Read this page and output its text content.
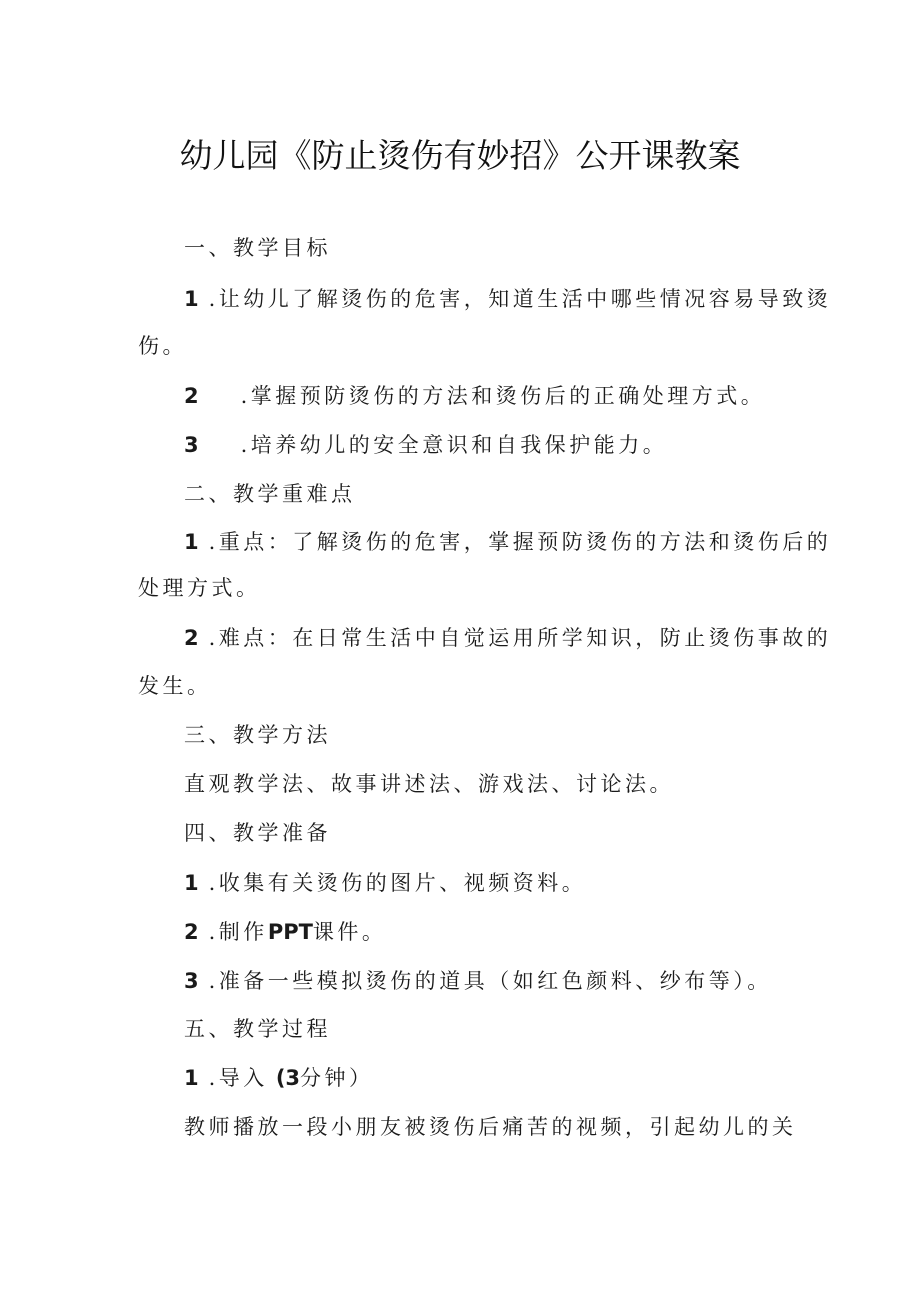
幼儿园《防止烫伤有妙招》公开课教案
一、教学目标
1 .让幼儿了解烫伤的危害，知道生活中哪些情况容易导致烫
伤。
2 .掌握预防烫伤的方法和烫伤后的正确处理方式。
3 .培养幼儿的安全意识和自我保护能力。
二、教学重难点
1 .重点：了解烫伤的危害，掌握预防烫伤的方法和烫伤后的
处理方式。
2 .难点：在日常生活中自觉运用所学知识，防止烫伤事故的
发生。
三、教学方法
直观教学法、故事讲述法、游戏法、讨论法。
四、教学准备
1 .收集有关烫伤的图片、视频资料。
2 .制作PPT课件。
3 .准备一些模拟烫伤的道具（如红色颜料、纱布等）。
五、教学过程
1 .导入 (3分钟）
教师播放一段小朋友被烫伤后痛苦的视频，引起幼儿的关
